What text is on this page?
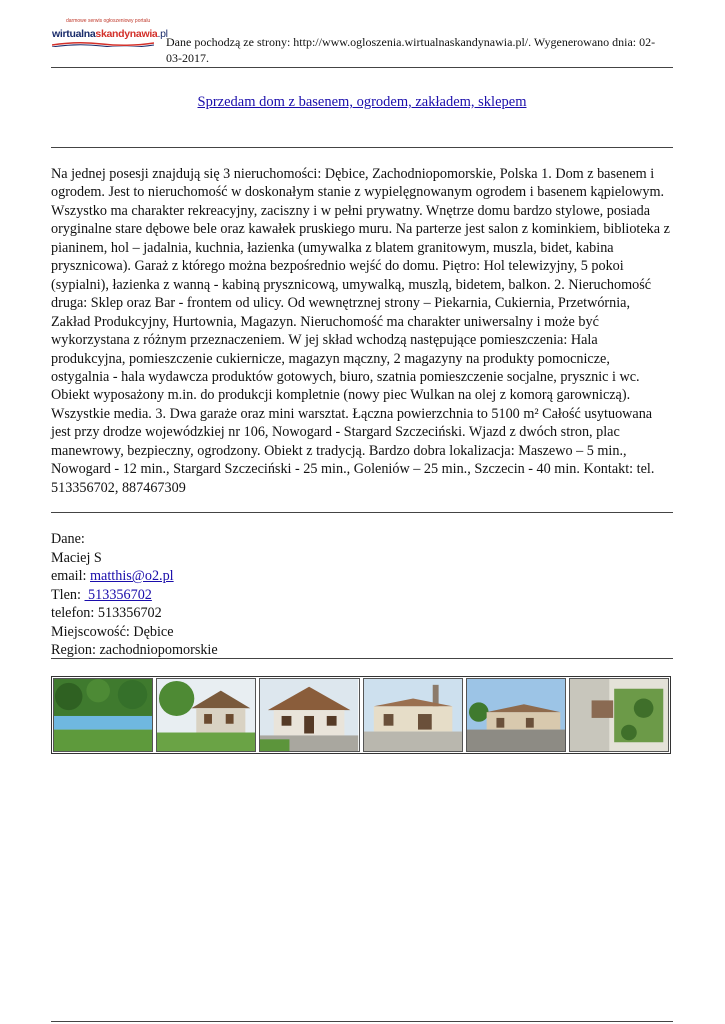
darmowe serwis ogłoszeniowy portalu
wirtualnaskandynawia.pl
Dane pochodzą ze strony: http://www.ogloszenia.wirtualnaskandynawia.pl/. Wygenerowano dnia: 02-03-2017.
Sprzedam dom z basenem, ogrodem, zakładem, sklepem

Na jednej posesji znajdują się 3 nieruchomości: Dębice, Zachodniopomorskie, Polska 1. Dom z basenem i ogrodem. Jest to nieruchomość w doskonałym stanie z wypielęgnowanym ogrodem i basenem kąpielowym. Wszystko ma charakter rekreacyjny, zaciszny i w pełni prywatny. Wnętrze domu bardzo stylowe, posiada oryginalne stare dębowe bele oraz kawałek pruskiego muru. Na parterze jest salon z kominkiem, biblioteka z pianinem, hol – jadalnia, kuchnia, łazienka (umywalka z blatem granitowym, muszla, bidet, kabina prysznicowa). Garaż z którego można bezpośrednio wejść do domu. Piętro: Hol telewizyjny, 5 pokoi (sypialni), łazienka z wanną - kabiną prysznicową, umywalką, muszlą, bidetem, balkon. 2. Nieruchomość druga: Sklep oraz Bar - frontem od ulicy. Od wewnętrznej strony – Piekarnia, Cukiernia, Przetwórnia, Zakład Produkcyjny, Hurtownia, Magazyn. Nieruchomość ma charakter uniwersalny i może być wykorzystana z różnym przeznaczeniem. W jej skład wchodzą następujące pomieszczenia: Hala produkcyjna, pomieszczenie cukiernicze, magazyn mączny, 2 magazyny na produkty pomocnicze, ostygalnia - hala wydawcza produktów gotowych, biuro, szatnia pomieszczenie socjalne, prysznic i wc. Obiekt wyposażony m.in. do produkcji kompletnie (nowy piec Wulkan na olej z komorą garowniczą). Wszystkie media. 3. Dwa garaże oraz mini warsztat. Łączna powierzchnia to 5100 m² Całość usytuowana jest przy drodze wojewódzkiej nr 106, Nowogard - Stargard Szczeciński. Wjazd z dwóch stron, plac manewrowy, bezpieczny, ogrodzony. Obiekt z tradycją. Bardzo dobra lokalizacja: Maszewo – 5 min., Nowogard - 12 min., Stargard Szczeciński - 25 min., Goleniów – 25 min., Szczecin - 40 min. Kontakt: tel. 513356702, 887467309

Dane:
Maciej S
email: matthis@o2.pl
Tlen:  513356702
telefon: 513356702
Miejscowość: Dębice
Region: zachodniopomorskie
